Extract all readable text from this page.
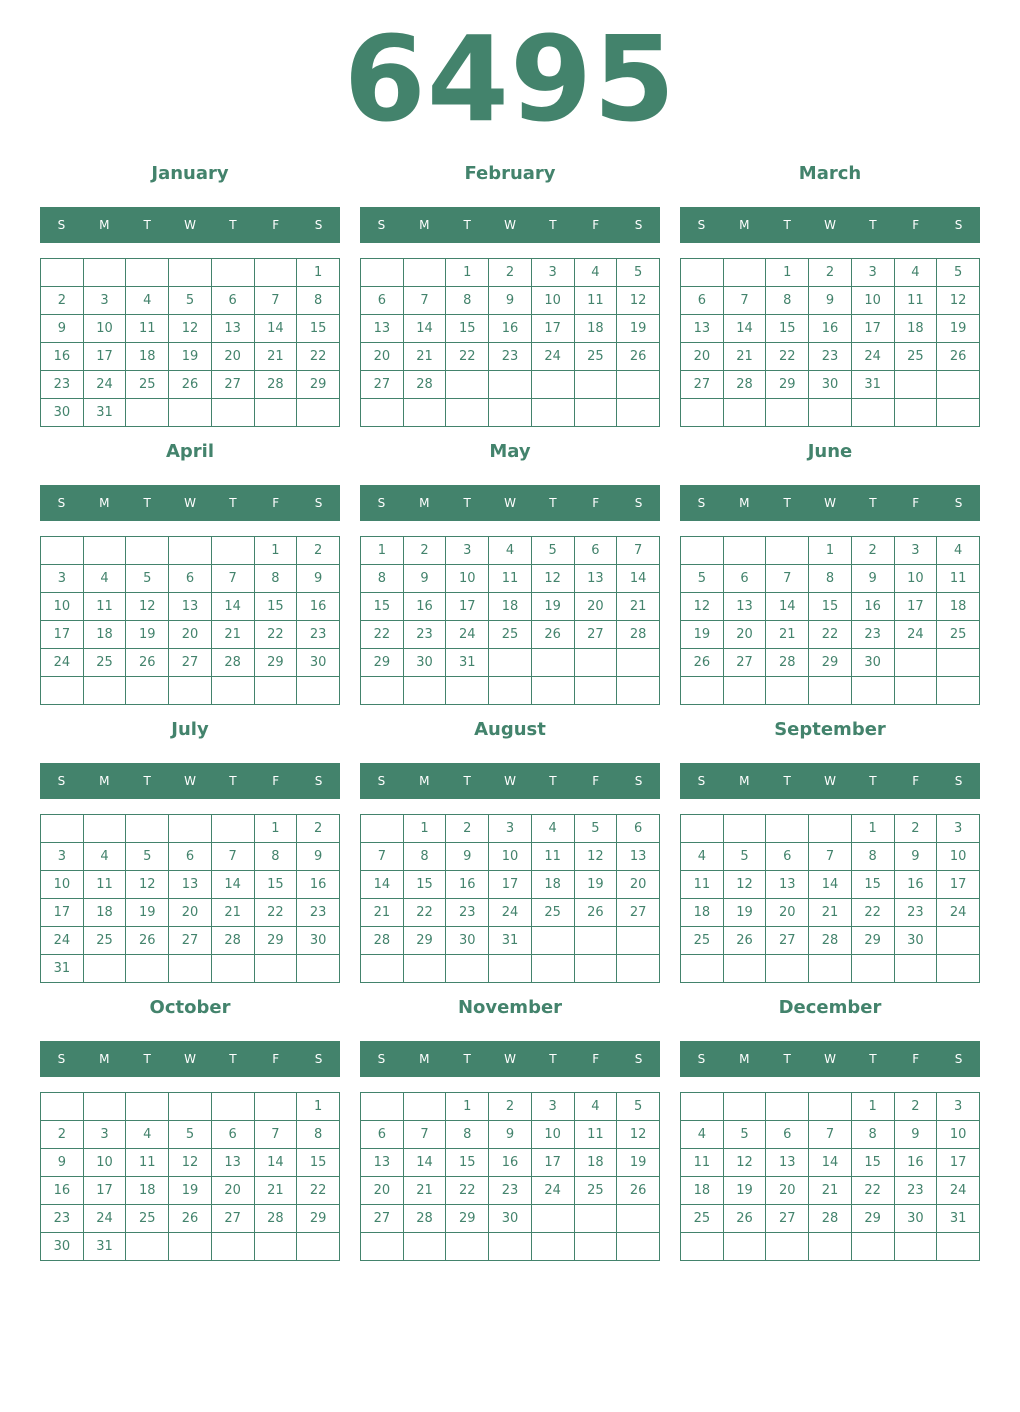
6495
January
S	M	T	W	T	F	S
						1
2	3	4	5	6	7	8
9	10	11	12	13	14	15
16	17	18	19	20	21	22
23	24	25	26	27	28	29
30	31					
February
S	M	T	W	T	F	S
		1	2	3	4	5
6	7	8	9	10	11	12
13	14	15	16	17	18	19
20	21	22	23	24	25	26
27	28					

March
S	M	T	W	T	F	S
		1	2	3	4	5
6	7	8	9	10	11	12
13	14	15	16	17	18	19
20	21	22	23	24	25	26
27	28	29	30	31		

April
S	M	T	W	T	F	S
					1	2
3	4	5	6	7	8	9
10	11	12	13	14	15	16
17	18	19	20	21	22	23
24	25	26	27	28	29	30

May
S	M	T	W	T	F	S
1	2	3	4	5	6	7
8	9	10	11	12	13	14
15	16	17	18	19	20	21
22	23	24	25	26	27	28
29	30	31				

June
S	M	T	W	T	F	S
			1	2	3	4
5	6	7	8	9	10	11
12	13	14	15	16	17	18
19	20	21	22	23	24	25
26	27	28	29	30		

July
S	M	T	W	T	F	S
					1	2
3	4	5	6	7	8	9
10	11	12	13	14	15	16
17	18	19	20	21	22	23
24	25	26	27	28	29	30
31						
August
S	M	T	W	T	F	S
	1	2	3	4	5	6
7	8	9	10	11	12	13
14	15	16	17	18	19	20
21	22	23	24	25	26	27
28	29	30	31			

September
S	M	T	W	T	F	S
				1	2	3
4	5	6	7	8	9	10
11	12	13	14	15	16	17
18	19	20	21	22	23	24
25	26	27	28	29	30	

October
S	M	T	W	T	F	S
						1
2	3	4	5	6	7	8
9	10	11	12	13	14	15
16	17	18	19	20	21	22
23	24	25	26	27	28	29
30	31					
November
S	M	T	W	T	F	S
		1	2	3	4	5
6	7	8	9	10	11	12
13	14	15	16	17	18	19
20	21	22	23	24	25	26
27	28	29	30			

December
S	M	T	W	T	F	S
				1	2	3
4	5	6	7	8	9	10
11	12	13	14	15	16	17
18	19	20	21	22	23	24
25	26	27	28	29	30	31
